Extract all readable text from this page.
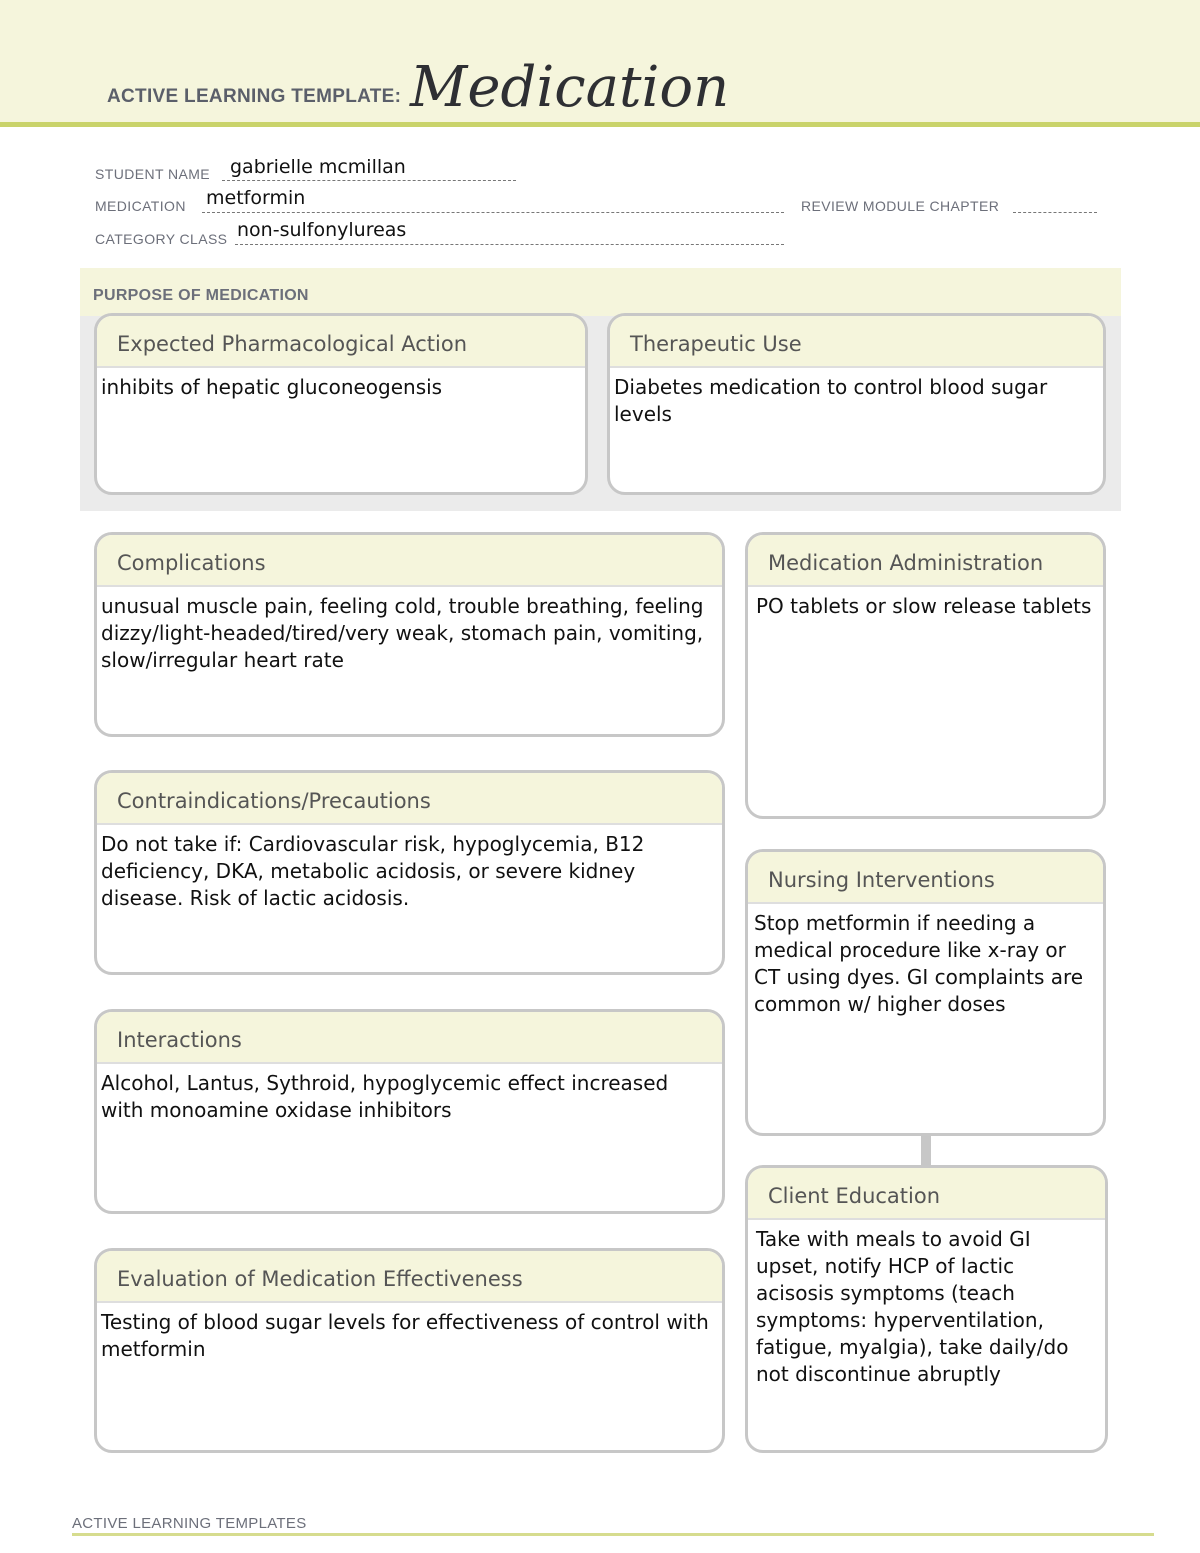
ACTIVE LEARNING TEMPLATE: Medication
STUDENT NAME gabrielle mcmillan
MEDICATION metformin	REVIEW MODULE CHAPTER
CATEGORY CLASS non-sulfonylureas
PURPOSE OF MEDICATION
Expected Pharmacological Action
inhibits of hepatic gluconeogensis
Therapeutic Use
Diabetes medication to control blood sugar levels
Complications
unusual muscle pain, feeling cold, trouble breathing, feeling dizzy/light-headed/tired/very weak, stomach pain, vomiting, slow/irregular heart rate
Contraindications/Precautions
Do not take if: Cardiovascular risk, hypoglycemia, B12 deficiency, DKA, metabolic acidosis, or severe kidney disease. Risk of lactic acidosis.
Interactions
Alcohol, Lantus, Sythroid, hypoglycemic effect increased with monoamine oxidase inhibitors
Evaluation of Medication Effectiveness
Testing of blood sugar levels for effectiveness of control with metformin
Medication Administration
PO tablets or slow release tablets
Nursing Interventions
Stop metformin if needing a medical procedure like x-ray or CT using dyes. GI complaints are common w/ higher doses
Client Education
Take with meals to avoid GI upset, notify HCP of lactic acisosis symptoms (teach symptoms: hyperventilation, fatigue, myalgia), take daily/do not discontinue abruptly
ACTIVE LEARNING TEMPLATES
